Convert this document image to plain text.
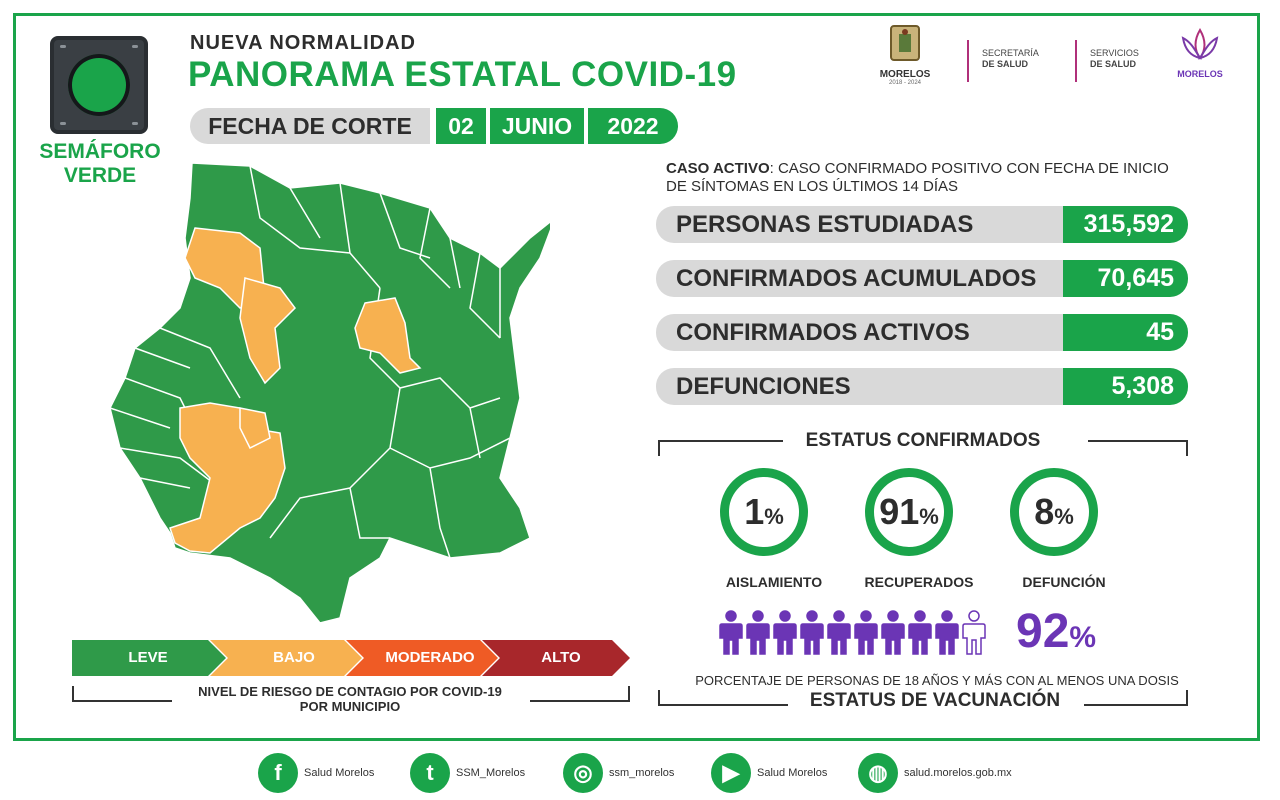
SEMÁFORO
VERDE
NUEVA NORMALIDAD
PANORAMA ESTATAL COVID-19
FECHA DE CORTE	02	JUNIO	2022
MORELOS
2018 - 2024
SECRETARÍA
DE SALUD
SERVICIOS
DE SALUD
MORELOS
CASO ACTIVO: CASO CONFIRMADO POSITIVO CON FECHA DE INICIO DE SÍNTOMAS EN LOS ÚLTIMOS 14 DÍAS
PERSONAS ESTUDIADAS	315,592
CONFIRMADOS ACUMULADOS	70,645
CONFIRMADOS ACTIVOS	45
DEFUNCIONES	5,308
ESTATUS CONFIRMADOS
1%	91%	8%
AISLAMIENTO	RECUPERADOS	DEFUNCIÓN
92%
PORCENTAJE DE PERSONAS DE 18 AÑOS Y MÁS CON AL MENOS UNA DOSIS
ESTATUS DE VACUNACIÓN
LEVE	BAJO	MODERADO	ALTO
NIVEL DE RIESGO DE CONTAGIO POR COVID-19
POR MUNICIPIO
f	Salud Morelos	t	SSM_Morelos	◎	ssm_morelos	▶	Salud Morelos	◍	salud.morelos.gob.mx
